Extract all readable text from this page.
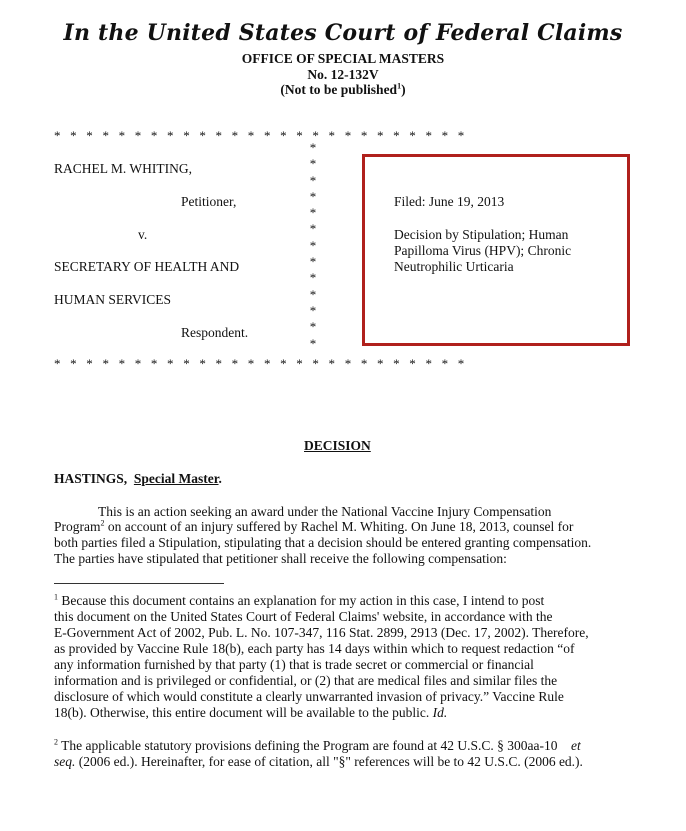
In the United States Court of Federal Claims
OFFICE OF SPECIAL MASTERS
No. 12-132V
(Not to be published$^1$)
* * * * * * * * * * * * * * * * * * * * * * * * * *
*
*
*
*
*
*
*
*
*
*
*
*
*
* * * * * * * * * * * * * * * * * * * * * * * * * *
RACHEL M. WHITING,
Petitioner,
v.
SECRETARY OF HEALTH AND
HUMAN SERVICES
Respondent.
Filed: June 19, 2013
Decision by Stipulation; Human
Papilloma Virus (HPV); Chronic
Neutrophilic Urticaria
DECISION
HASTINGS, Special Master.
This is an action seeking an award under the National Vaccine Injury Compensation
Program$^2$ on account of an injury suffered by Rachel M. Whiting. On June 18, 2013, counsel for
both parties filed a Stipulation, stipulating that a decision should be entered granting compensation.
The parties have stipulated that petitioner shall receive the following compensation:
$^1$ Because this document contains an explanation for my action in this case, I intend to post
this document on the United States Court of Federal Claims' website, in accordance with the
E-Government Act of 2002, Pub. L. No. 107-347, 116 Stat. 2899, 2913 (Dec. 17, 2002). Therefore,
as provided by Vaccine Rule 18(b), each party has 14 days within which to request redaction “of
any information furnished by that party (1) that is trade secret or commercial or financial
information and is privileged or confidential, or (2) that are medical files and similar files the
disclosure of which would constitute a clearly unwarranted invasion of privacy.” Vaccine Rule
18(b). Otherwise, this entire document will be available to the public. Id.
$^2$ The applicable statutory provisions defining the Program are found at 42 U.S.C. § 300aa-10    et
seq. (2006 ed.). Hereinafter, for ease of citation, all "§" references will be to 42 U.S.C. (2006 ed.).
